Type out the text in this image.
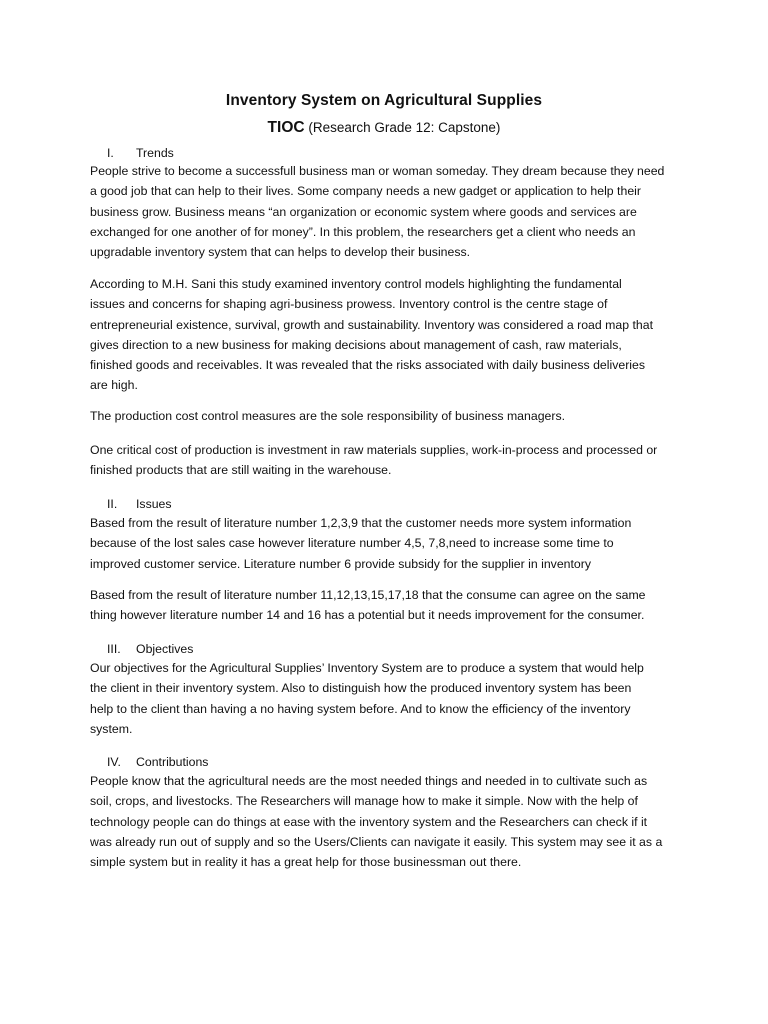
Inventory System on Agricultural Supplies
TIOC (Research Grade 12: Capstone)
I. Trends

People strive to become a successfull business man or woman someday. They dream because they need

a good job that can help to their lives. Some company needs a new gadget or application to help their

business grow. Business means “an organization or economic system where goods and services are

exchanged for one another of for money”. In this problem, the researchers get a client who needs an

upgradable inventory system that can helps to develop their business.

According to M.H. Sani this study examined inventory control models highlighting the fundamental

issues and concerns for shaping agri-business prowess. Inventory control is the centre stage of

entrepreneurial existence, survival, growth and sustainability. Inventory was considered a road map that

gives direction to a new business for making decisions about management of cash, raw materials,

finished goods and receivables. It was revealed that the risks associated with daily business deliveries

are high.

The production cost control measures are the sole responsibility of business managers.

One critical cost of production is investment in raw materials supplies, work-in-process and processed or

finished products that are still waiting in the warehouse.

II. Issues

Based from the result of literature number 1,2,3,9 that the customer needs more system information

because of the lost sales case however literature number 4,5, 7,8,need to increase some time to

improved customer service. Literature number 6 provide subsidy for the supplier in inventory

Based from the result of literature number 11,12,13,15,17,18 that the consume can agree on the same

thing however literature number 14 and 16 has a potential but it needs improvement for the consumer.

III. Objectives

Our objectives for the Agricultural Supplies’ Inventory System are to produce a system that would help

the client in their inventory system. Also to distinguish how the produced inventory system has been

help to the client than having a no having system before. And to know the efficiency of the inventory

system.

IV. Contributions

People know that the agricultural needs are the most needed things and needed in to cultivate such as

soil, crops, and livestocks. The Researchers will manage how to make it simple. Now with the help of

technology people can do things at ease with the inventory system and the Researchers can check if it

was already run out of supply and so the Users/Clients can navigate it easily. This system may see it as a

simple system but in reality it has a great help for those businessman out there.
